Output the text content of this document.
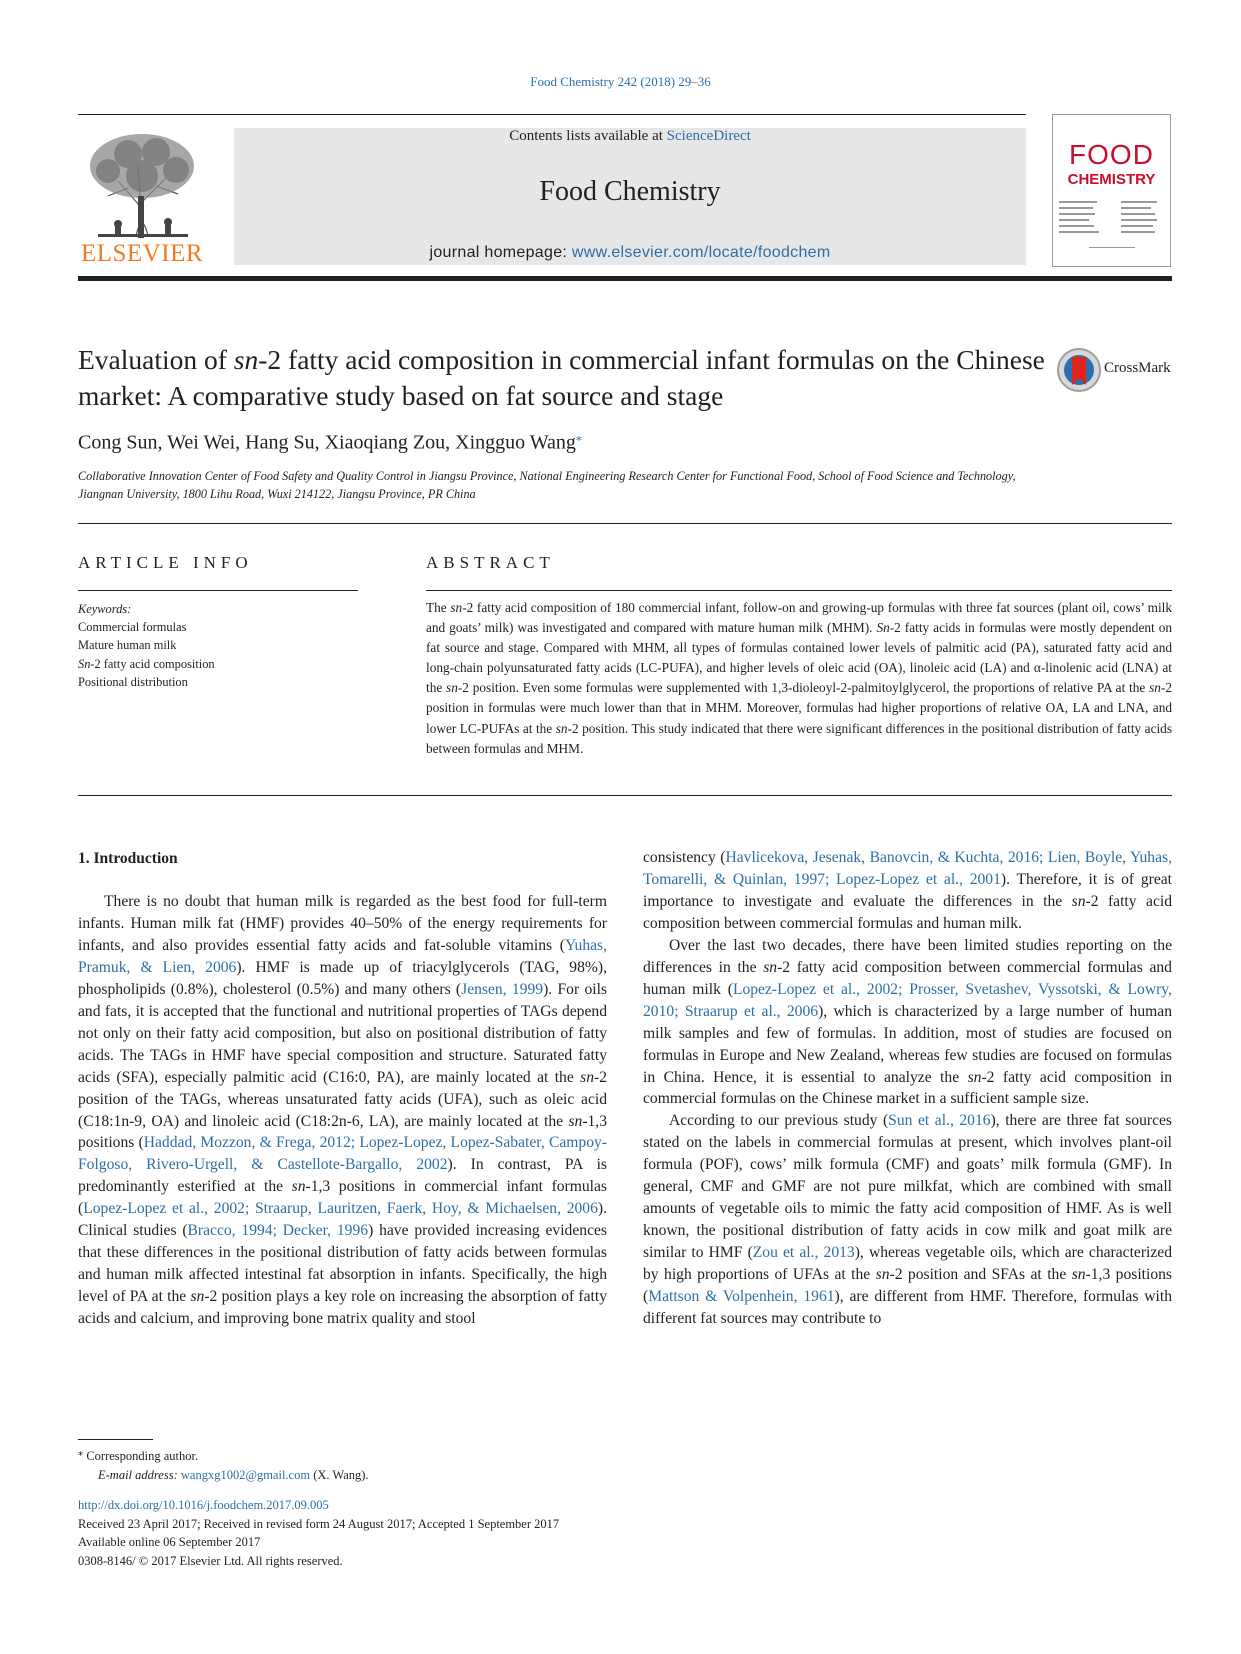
Food Chemistry 242 (2018) 29–36
ELSEVIER
Contents lists available at ScienceDirect
Food Chemistry
journal homepage: www.elsevier.com/locate/foodchem
FOOD
CHEMISTRY
Evaluation of sn-2 fatty acid composition in commercial infant formulas on the Chinese market: A comparative study based on fat source and stage
CrossMark
Cong Sun, Wei Wei, Hang Su, Xiaoqiang Zou, Xingguo Wang⁎
Collaborative Innovation Center of Food Safety and Quality Control in Jiangsu Province, National Engineering Research Center for Functional Food, School of Food Science and Technology, Jiangnan University, 1800 Lihu Road, Wuxi 214122, Jiangsu Province, PR China
ARTICLE INFO	ABSTRACT
Keywords:
Commercial formulas
Mature human milk
Sn-2 fatty acid composition
Positional distribution
The sn-2 fatty acid composition of 180 commercial infant, follow-on and growing-up formulas with three fat sources (plant oil, cows’ milk and goats’ milk) was investigated and compared with mature human milk (MHM). Sn-2 fatty acids in formulas were mostly dependent on fat source and stage. Compared with MHM, all types of formulas contained lower levels of palmitic acid (PA), saturated fatty acid and long-chain polyunsaturated fatty acids (LC-PUFA), and higher levels of oleic acid (OA), linoleic acid (LA) and α-linolenic acid (LNA) at the sn-2 position. Even some formulas were supplemented with 1,3-dioleoyl-2-palmitoylglycerol, the proportions of relative PA at the sn-2 position in formulas were much lower than that in MHM. Moreover, formulas had higher proportions of relative OA, LA and LNA, and lower LC-PUFAs at the sn-2 position. This study indicated that there were significant differences in the positional distribution of fatty acids between formulas and MHM.
1. Introduction

There is no doubt that human milk is regarded as the best food for full-term infants. Human milk fat (HMF) provides 40–50% of the energy requirements for infants, and also provides essential fatty acids and fat-soluble vitamins (Yuhas, Pramuk, & Lien, 2006). HMF is made up of triacylglycerols (TAG, 98%), phospholipids (0.8%), cholesterol (0.5%) and many others (Jensen, 1999). For oils and fats, it is accepted that the functional and nutritional properties of TAGs depend not only on their fatty acid composition, but also on positional distribution of fatty acids. The TAGs in HMF have special composition and structure. Saturated fatty acids (SFA), especially palmitic acid (C16:0, PA), are mainly located at the sn-2 position of the TAGs, whereas unsaturated fatty acids (UFA), such as oleic acid (C18:1n-9, OA) and linoleic acid (C18:2n-6, LA), are mainly located at the sn-1,3 positions (Haddad, Mozzon, & Frega, 2012; Lopez-Lopez, Lopez-Sabater, Campoy-Folgoso, Rivero-Urgell, & Castellote-Bargallo, 2002). In contrast, PA is predominantly esterified at the sn-1,3 positions in commercial infant formulas (Lopez-Lopez et al., 2002; Straarup, Lauritzen, Faerk, Hoy, & Michaelsen, 2006). Clinical studies (Bracco, 1994; Decker, 1996) have provided increasing evidences that these differences in the positional distribution of fatty acids between formulas and human milk affected intestinal fat absorption in infants. Specifically, the high level of PA at the sn-2 position plays a key role on increasing the absorption of fatty acids and calcium, and improving bone matrix quality and stool

consistency (Havlicekova, Jesenak, Banovcin, & Kuchta, 2016; Lien, Boyle, Yuhas, Tomarelli, & Quinlan, 1997; Lopez-Lopez et al., 2001). Therefore, it is of great importance to investigate and evaluate the differences in the sn-2 fatty acid composition between commercial formulas and human milk.

Over the last two decades, there have been limited studies reporting on the differences in the sn-2 fatty acid composition between commercial formulas and human milk (Lopez-Lopez et al., 2002; Prosser, Svetashev, Vyssotski, & Lowry, 2010; Straarup et al., 2006), which is characterized by a large number of human milk samples and few of formulas. In addition, most of studies are focused on formulas in Europe and New Zealand, whereas few studies are focused on formulas in China. Hence, it is essential to analyze the sn-2 fatty acid composition in commercial formulas on the Chinese market in a sufficient sample size.

According to our previous study (Sun et al., 2016), there are three fat sources stated on the labels in commercial formulas at present, which involves plant-oil formula (POF), cows’ milk formula (CMF) and goats’ milk formula (GMF). In general, CMF and GMF are not pure milkfat, which are combined with small amounts of vegetable oils to mimic the fatty acid composition of HMF. As is well known, the positional distribution of fatty acids in cow milk and goat milk are similar to HMF (Zou et al., 2013), whereas vegetable oils, which are characterized by high proportions of UFAs at the sn-2 position and SFAs at the sn-1,3 positions (Mattson & Volpenhein, 1961), are different from HMF. Therefore, formulas with different fat sources may contribute to

⁎ Corresponding author.
E-mail address: wangxg1002@gmail.com (X. Wang).
http://dx.doi.org/10.1016/j.foodchem.2017.09.005
Received 23 April 2017; Received in revised form 24 August 2017; Accepted 1 September 2017
Available online 06 September 2017
0308-8146/ © 2017 Elsevier Ltd. All rights reserved.
